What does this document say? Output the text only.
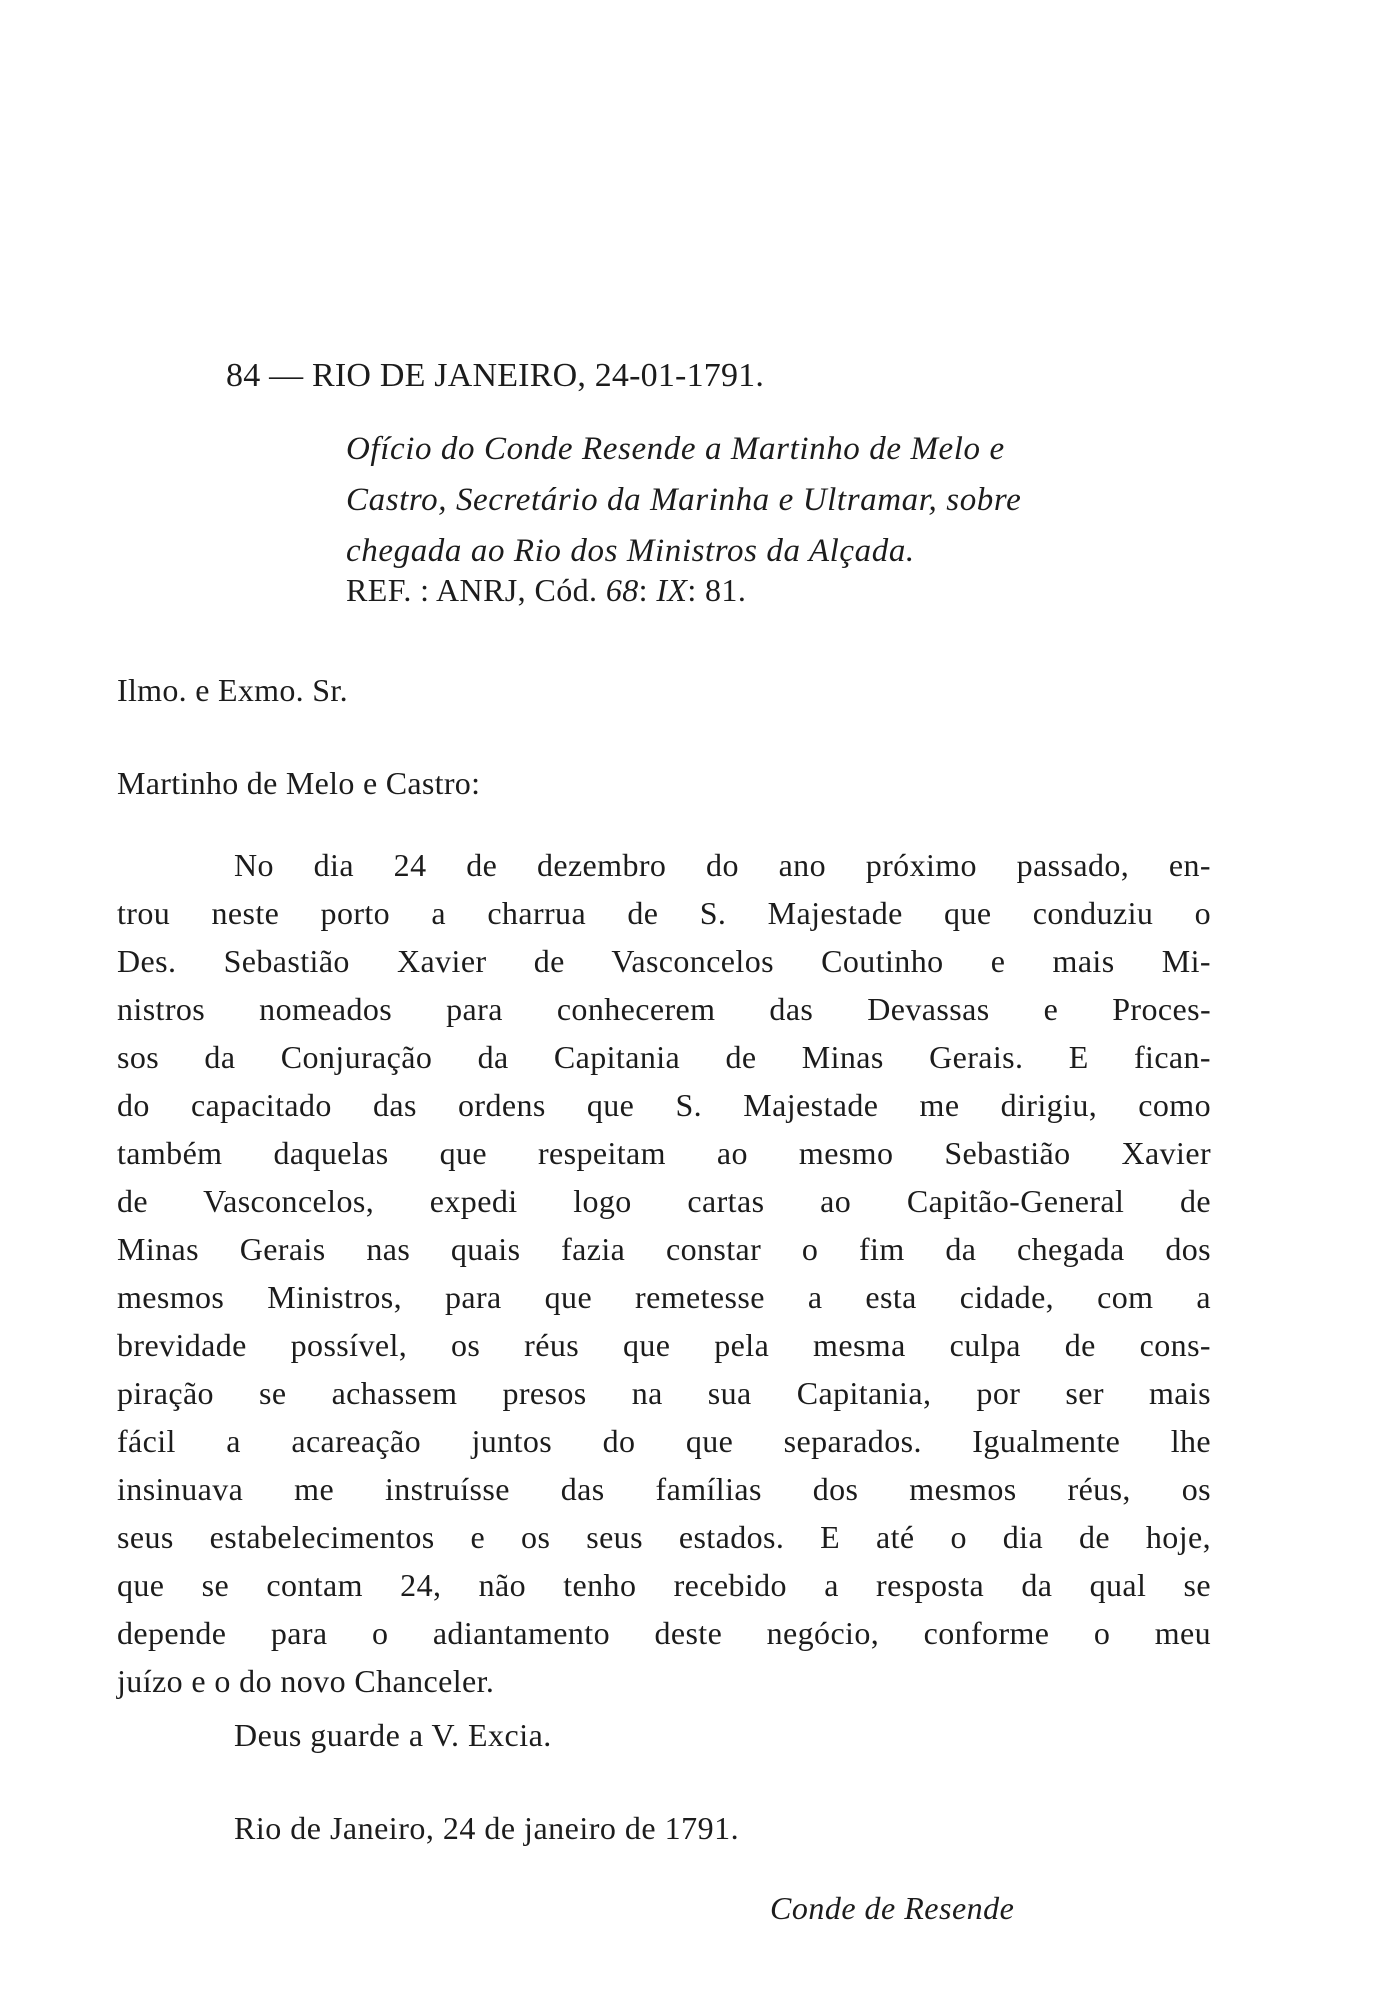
84 — RIO DE JANEIRO, 24-01-1791.

Ofício do Conde Resende a Martinho de Melo e
Castro, Secretário da Marinha e Ultramar, sobre
chegada ao Rio dos Ministros da Alçada.

REF. : ANRJ, Cód. 68: IX: 81.

Ilmo. e Exmo. Sr.

Martinho de Melo e Castro:

No dia 24 de dezembro do ano próximo passado, en-
trou neste porto a charrua de S. Majestade que conduziu o
Des. Sebastião Xavier de Vasconcelos Coutinho e mais Mi-
nistros nomeados para conhecerem das Devassas e Proces-
sos da Conjuração da Capitania de Minas Gerais. E fican-
do capacitado das ordens que S. Majestade me dirigiu, como
também daquelas que respeitam ao mesmo Sebastião Xavier
de Vasconcelos, expedi logo cartas ao Capitão-General de
Minas Gerais nas quais fazia constar o fim da chegada dos
mesmos Ministros, para que remetesse a esta cidade, com a
brevidade possível, os réus que pela mesma culpa de cons-
piração se achassem presos na sua Capitania, por ser mais
fácil a acareação juntos do que separados. Igualmente lhe
insinuava me instruísse das famílias dos mesmos réus, os
seus estabelecimentos e os seus estados. E até o dia de hoje,
que se contam 24, não tenho recebido a resposta da qual se
depende para o adiantamento deste negócio, conforme o meu
juízo e o do novo Chanceler.

Deus guarde a V. Excia.

Rio de Janeiro, 24 de janeiro de 1791.

Conde de Resende
